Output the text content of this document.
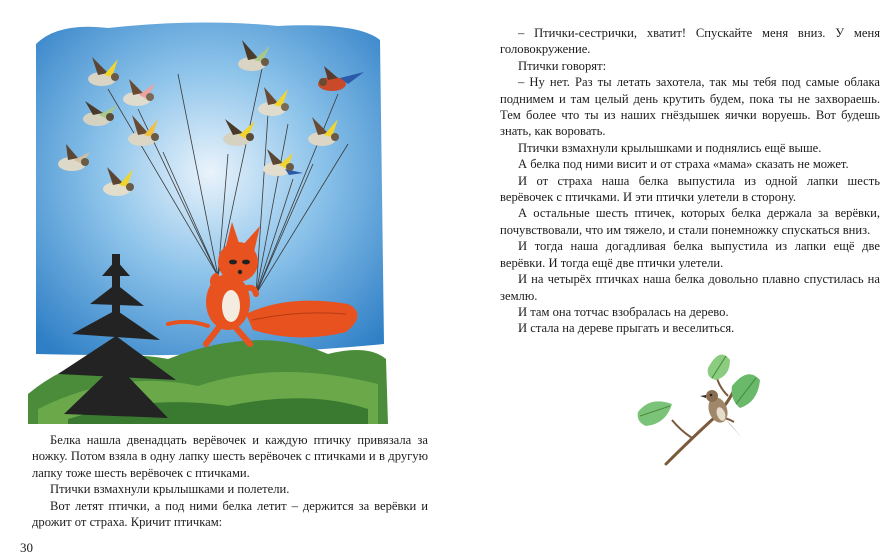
Белка нашла двенадцать верёвочек и каждую птичку привязала за ножку. Потом взяла в одну лапку шесть верёвочек с птичками и в другую лапку тоже шесть верёвочек с птичками.

Птички взмахнули крылышками и полетели.

Вот летят птички, а под ними белка летит – держится за верёвки и дрожит от страха. Кричит птичкам:

30

– Птички-сестрички, хватит! Спускайте меня вниз. У меня головокружение.

Птички говорят:

– Ну нет. Раз ты летать захотела, так мы тебя под самые облака поднимем и там целый день крутить будем, пока ты не захвораешь. Тем более что ты из наших гнёздышек яички воруешь. Вот будешь знать, как воровать.

Птички взмахнули крылышками и поднялись ещё выше.

А белка под ними висит и от страха «мама» сказать не может.

И от страха наша белка выпустила из одной лапки шесть верёвочек с птичками. И эти птички улетели в сторону.

А остальные шесть птичек, которых белка держала за верёвки, почувствовали, что им тяжело, и стали понемножку спускаться вниз.

И тогда наша догадливая белка выпустила из лапки ещё две верёвки. И тогда ещё две птички улетели.

И на четырёх птичках наша белка довольно плавно спустилась на землю.

И там она тотчас взобралась на дерево.

И стала на дереве прыгать и веселиться.
